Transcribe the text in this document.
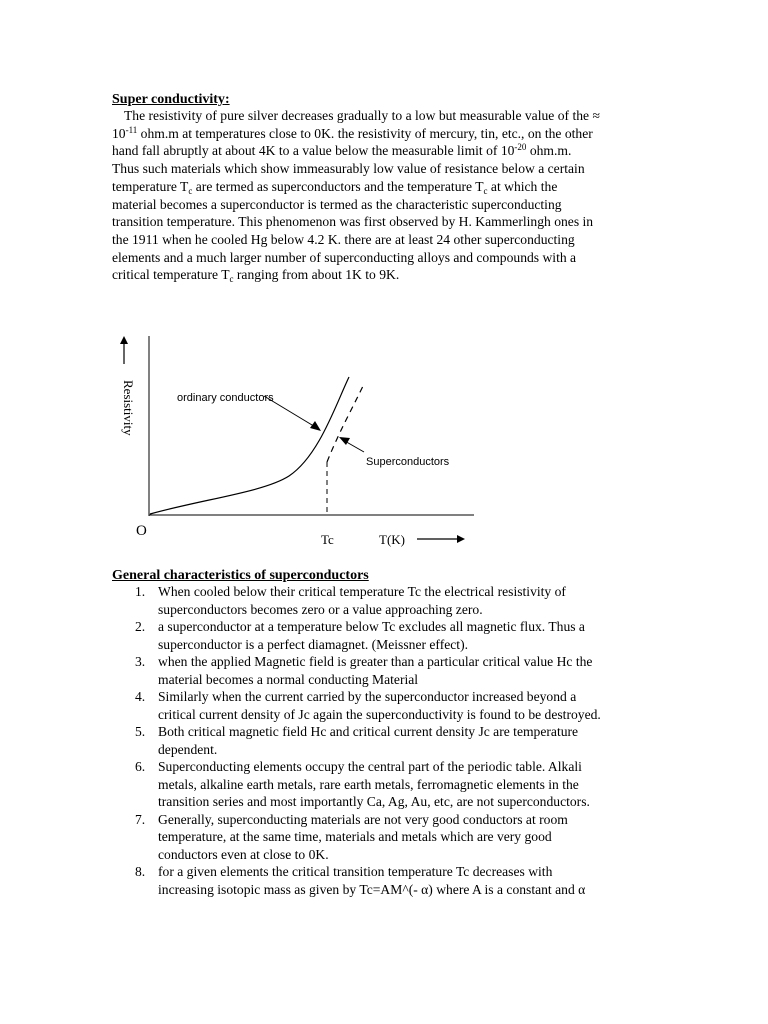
Super conductivity:
The resistivity of pure silver decreases gradually to a low but measurable value of the ≈
$10^{-11}$ ohm.m at temperatures close to 0K. the resistivity of mercury, tin, etc., on the other
hand fall abruptly at about 4K to a value below the measurable limit of $10^{-20}$ ohm.m.
Thus such materials which show immeasurably low value of resistance below a certain
temperature $T_c$ are termed as superconductors and the temperature $T_c$ at which the
material becomes a superconductor is termed as the characteristic superconducting
transition temperature. This phenomenon was first observed by H. Kammerlingh ones in
the 1911 when he cooled Hg below 4.2 K. there are at least 24 other superconducting
elements and a much larger number of superconducting alloys and compounds with a
critical temperature $T_c$ ranging from about 1K to 9K.
Resistivity
O
ordinary conductors
Superconductors
Tc	T(K)
General characteristics of superconductors
1. When cooled below their critical temperature Tc the electrical resistivity of
superconductors becomes zero or a value approaching zero.
2. a superconductor at a temperature below Tc excludes all magnetic flux. Thus a
superconductor is a perfect diamagnet. (Meissner effect).
3. when the applied Magnetic field is greater than a particular critical value Hc the
material becomes a normal conducting Material
4. Similarly when the current carried by the superconductor increased beyond a
critical current density of Jc again the superconductivity is found to be destroyed.
5. Both critical magnetic field Hc and critical current density Jc are temperature
dependent.
6. Superconducting elements occupy the central part of the periodic table. Alkali
metals, alkaline earth metals, rare earth metals, ferromagnetic elements in the
transition series and most importantly Ca, Ag, Au, etc, are not superconductors.
7. Generally, superconducting materials are not very good conductors at room
temperature, at the same time, materials and metals which are very good
conductors even at close to 0K.
8. for a given elements the critical transition temperature Tc decreases with
increasing isotopic mass as given by Tc=AM^(- α) where A is a constant and α
